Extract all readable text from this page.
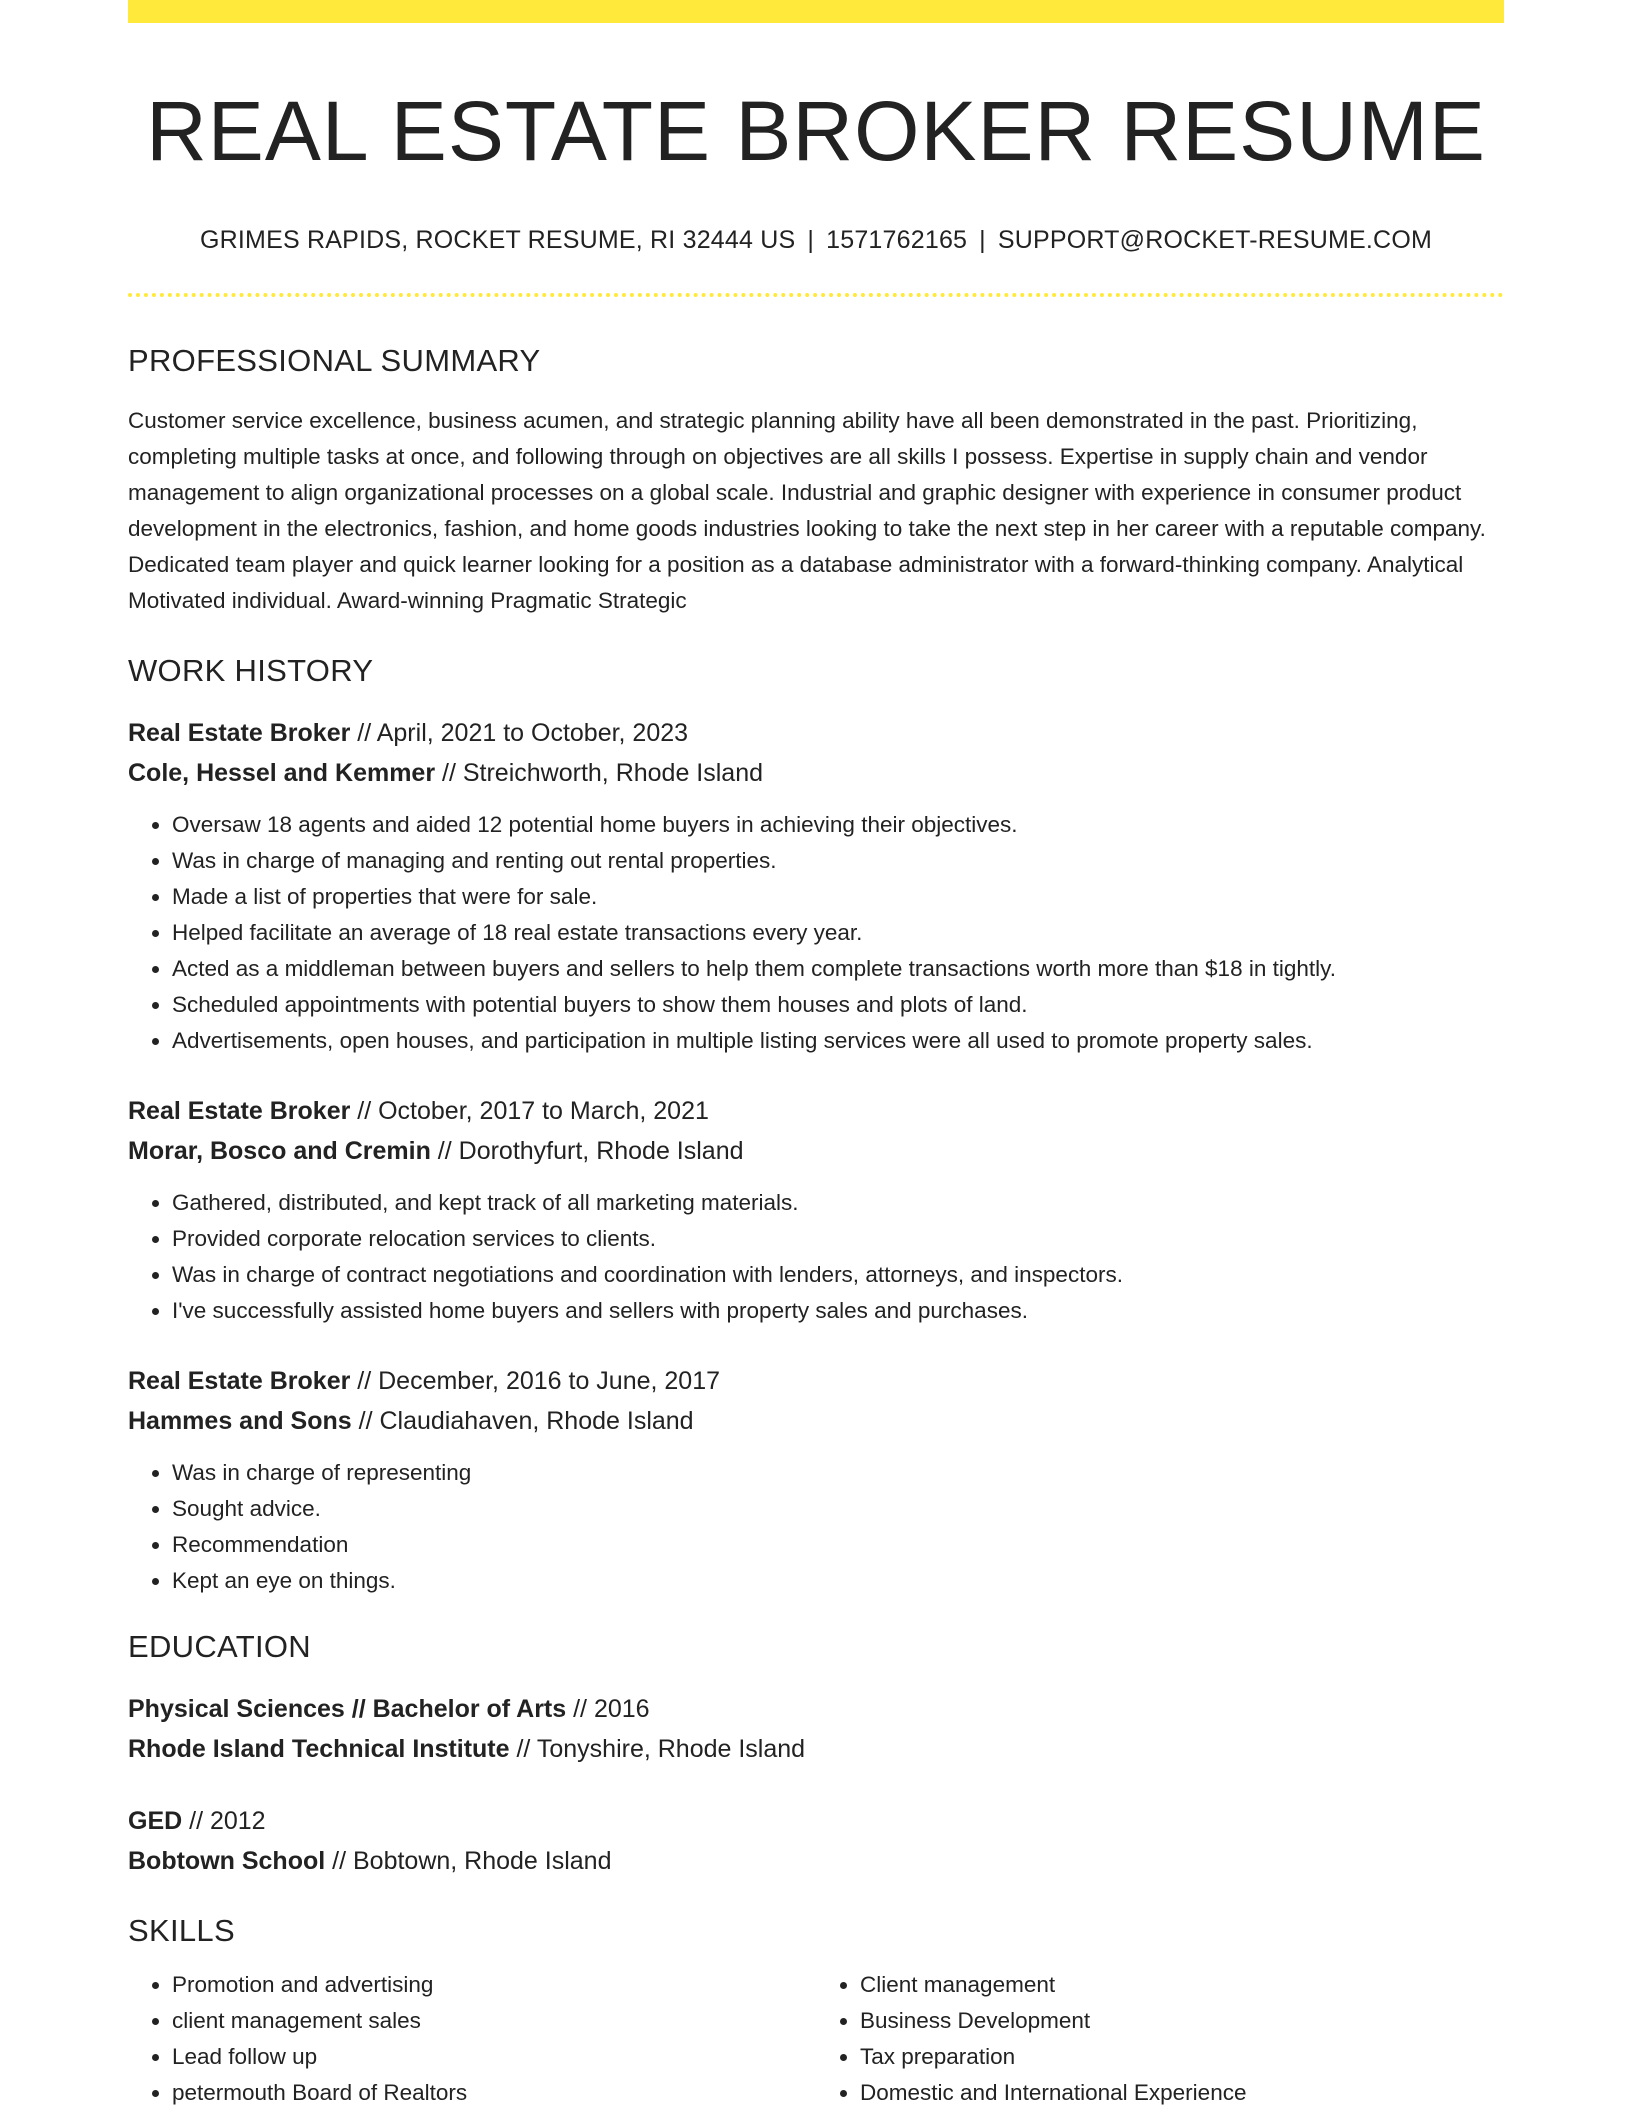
REAL ESTATE BROKER RESUME
GRIMES RAPIDS, ROCKET RESUME, RI 32444 US | 1571762165 | SUPPORT@ROCKET-RESUME.COM
PROFESSIONAL SUMMARY
Customer service excellence, business acumen, and strategic planning ability have all been demonstrated in the past. Prioritizing, completing multiple tasks at once, and following through on objectives are all skills I possess. Expertise in supply chain and vendor management to align organizational processes on a global scale. Industrial and graphic designer with experience in consumer product development in the electronics, fashion, and home goods industries looking to take the next step in her career with a reputable company. Dedicated team player and quick learner looking for a position as a database administrator with a forward-thinking company. Analytical Motivated individual. Award-winning Pragmatic Strategic
WORK HISTORY
Real Estate Broker // April, 2021 to October, 2023
Cole, Hessel and Kemmer // Streichworth, Rhode Island
• Oversaw 18 agents and aided 12 potential home buyers in achieving their objectives.
• Was in charge of managing and renting out rental properties.
• Made a list of properties that were for sale.
• Helped facilitate an average of 18 real estate transactions every year.
• Acted as a middleman between buyers and sellers to help them complete transactions worth more than $18 in tightly.
• Scheduled appointments with potential buyers to show them houses and plots of land.
• Advertisements, open houses, and participation in multiple listing services were all used to promote property sales.
Real Estate Broker // October, 2017 to March, 2021
Morar, Bosco and Cremin // Dorothyfurt, Rhode Island
• Gathered, distributed, and kept track of all marketing materials.
• Provided corporate relocation services to clients.
• Was in charge of contract negotiations and coordination with lenders, attorneys, and inspectors.
• I've successfully assisted home buyers and sellers with property sales and purchases.
Real Estate Broker // December, 2016 to June, 2017
Hammes and Sons // Claudiahaven, Rhode Island
• Was in charge of representing
• Sought advice.
• Recommendation
• Kept an eye on things.
EDUCATION
Physical Sciences // Bachelor of Arts // 2016
Rhode Island Technical Institute // Tonyshire, Rhode Island
GED // 2012
Bobtown School // Bobtown, Rhode Island
SKILLS
• Promotion and advertising
• client management sales
• Lead follow up
• petermouth Board of Realtors
• Client management
• Business Development
• Tax preparation
• Domestic and International Experience
